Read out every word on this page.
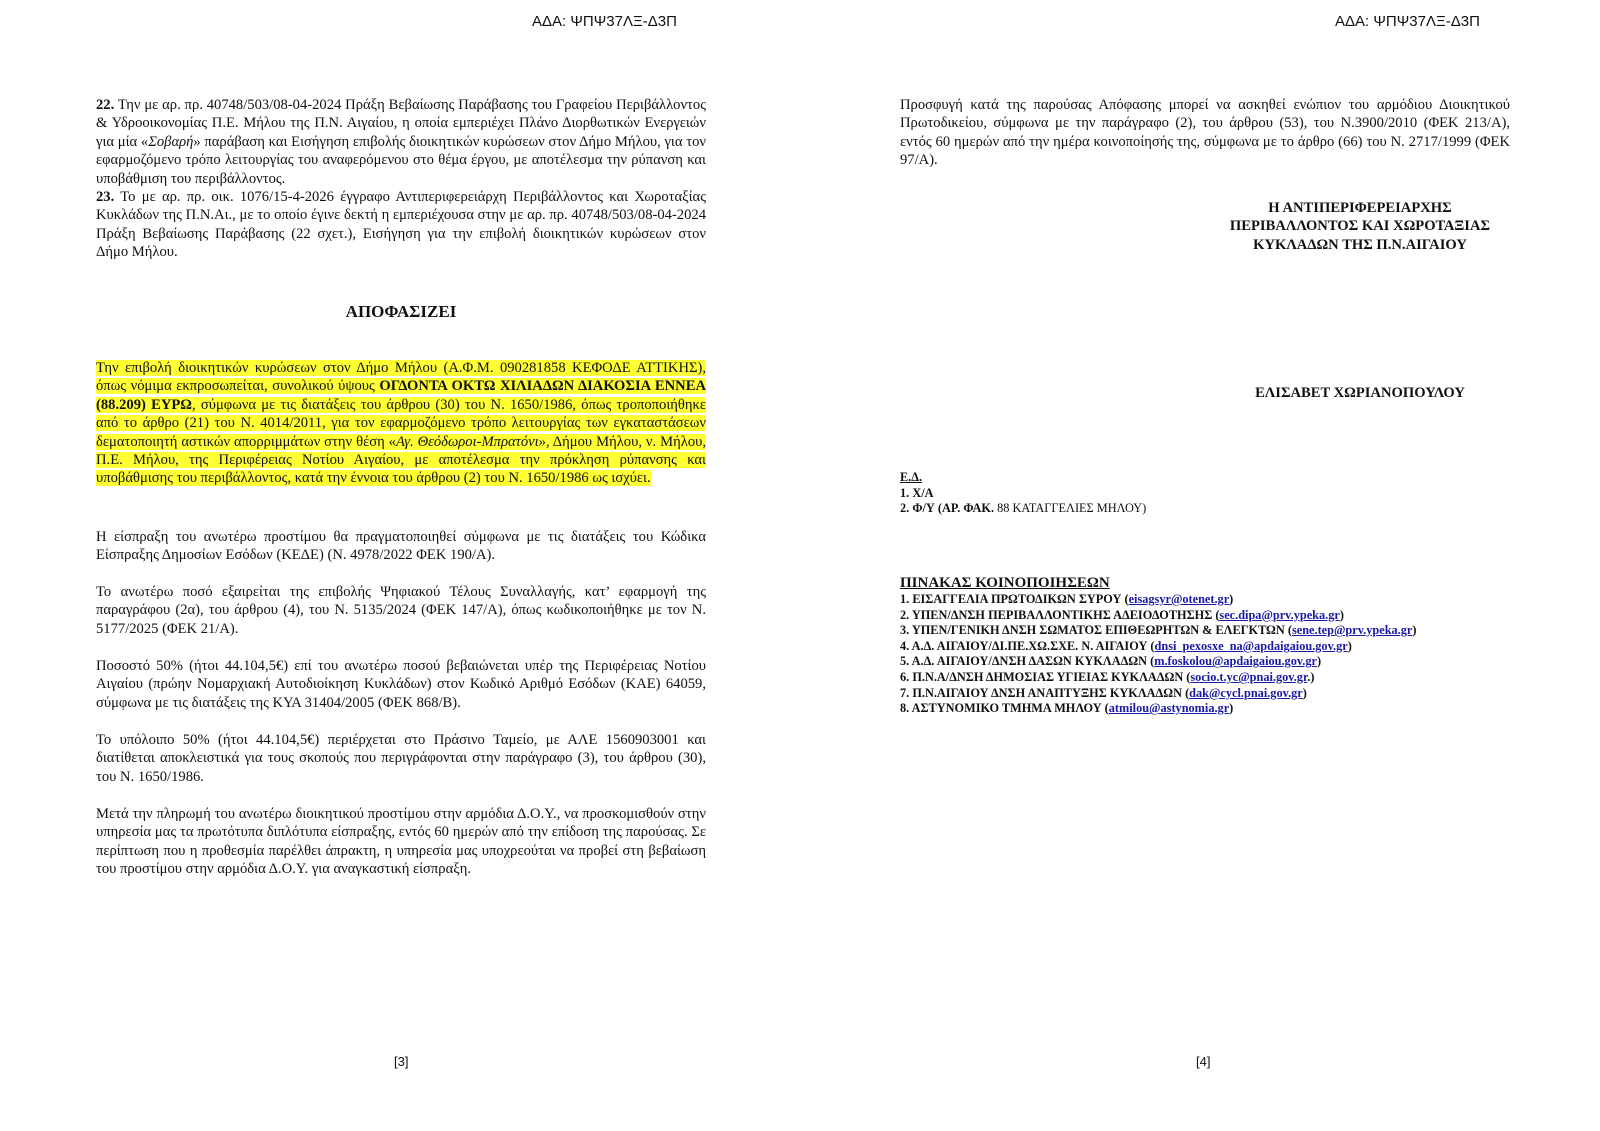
ΑΔΑ: ΨΠΨ37ΛΞ-Δ3Π

22. Την με αρ. πρ. 40748/503/08-04-2024 Πράξη Βεβαίωσης Παράβασης του Γραφείου Περιβάλλοντος & Υδροοικονομίας Π.Ε. Μήλου της Π.Ν. Αιγαίου, η οποία εμπεριέχει Πλάνο Διορθωτικών Ενεργειών για μία «Σοβαρή» παράβαση και Εισήγηση επιβολής διοικητικών κυρώσεων στον Δήμο Μήλου, για τον εφαρμοζόμενο τρόπο λειτουργίας του αναφερόμενου στο θέμα έργου, με αποτέλεσμα την ρύπανση και υποβάθμιση του περιβάλλοντος.

23. Το με αρ. πρ. οικ. 1076/15-4-2026 έγγραφο Αντιπεριφερειάρχη Περιβάλλοντος και Χωροταξίας Κυκλάδων της Π.Ν.Αι., με το οποίο έγινε δεκτή η εμπεριέχουσα στην με αρ. πρ. 40748/503/08-04-2024 Πράξη Βεβαίωσης Παράβασης (22 σχετ.), Εισήγηση για την επιβολή διοικητικών κυρώσεων στον Δήμο Μήλου.

ΑΠΟΦΑΣΙΖΕΙ

Την επιβολή διοικητικών κυρώσεων στον Δήμο Μήλου (Α.Φ.Μ. 090281858 ΚΕΦΟΔΕ ΑΤΤΙΚΗΣ), όπως νόμιμα εκπροσωπείται, συνολικού ύψους ΟΓΔΟΝΤΑ ΟΚΤΩ ΧΙΛΙΑΔΩΝ ΔΙΑΚΟΣΙΑ ΕΝΝΕΑ (88.209) ΕΥΡΩ, σύμφωνα με τις διατάξεις του άρθρου (30) του Ν. 1650/1986, όπως τροποποιήθηκε από το άρθρο (21) του Ν. 4014/2011, για τον εφαρμοζόμενο τρόπο λειτουργίας των εγκαταστάσεων δεματοποιητή αστικών απορριμμάτων στην θέση «Αγ. Θεόδωροι-Μπρατόνι», Δήμου Μήλου, ν. Μήλου, Π.Ε. Μήλου, της Περιφέρειας Νοτίου Αιγαίου, με αποτέλεσμα την πρόκληση ρύπανσης και υποβάθμισης του περιβάλλοντος, κατά την έννοια του άρθρου (2) του Ν. 1650/1986 ως ισχύει.

Η είσπραξη του ανωτέρω προστίμου θα πραγματοποιηθεί σύμφωνα με τις διατάξεις του Κώδικα Είσπραξης Δημοσίων Εσόδων (ΚΕΔΕ) (Ν. 4978/2022 ΦΕΚ 190/Α).

Το ανωτέρω ποσό εξαιρείται της επιβολής Ψηφιακού Τέλους Συναλλαγής, κατ’ εφαρμογή της παραγράφου (2α), του άρθρου (4), του Ν. 5135/2024 (ΦΕΚ 147/Α), όπως κωδικοποιήθηκε με τον Ν. 5177/2025 (ΦΕΚ 21/Α).

Ποσοστό 50% (ήτοι 44.104,5€) επί του ανωτέρω ποσού βεβαιώνεται υπέρ της Περιφέρειας Νοτίου Αιγαίου (πρώην Νομαρχιακή Αυτοδιοίκηση Κυκλάδων) στον Κωδικό Αριθμό Εσόδων (ΚΑΕ) 64059, σύμφωνα με τις διατάξεις της ΚΥΑ 31404/2005 (ΦΕΚ 868/Β).

Το υπόλοιπο 50% (ήτοι 44.104,5€) περιέρχεται στο Πράσινο Ταμείο, με ΑΛΕ 1560903001 και διατίθεται αποκλειστικά για τους σκοπούς που περιγράφονται στην παράγραφο (3), του άρθρου (30), του Ν. 1650/1986.

Μετά την πληρωμή του ανωτέρω διοικητικού προστίμου στην αρμόδια Δ.Ο.Υ., να προσκομισθούν στην υπηρεσία μας τα πρωτότυπα διπλότυπα είσπραξης, εντός 60 ημερών από την επίδοση της παρούσας. Σε περίπτωση που η προθεσμία παρέλθει άπρακτη, η υπηρεσία μας υποχρεούται να προβεί στη βεβαίωση του προστίμου στην αρμόδια Δ.Ο.Υ. για αναγκαστική είσπραξη.

[3]
ΑΔΑ: ΨΠΨ37ΛΞ-Δ3Π

Προσφυγή κατά της παρούσας Απόφασης μπορεί να ασκηθεί ενώπιον του αρμόδιου Διοικητικού Πρωτοδικείου, σύμφωνα με την παράγραφο (2), του άρθρου (53), του Ν.3900/2010 (ΦΕΚ 213/Α), εντός 60 ημερών από την ημέρα κοινοποίησής της, σύμφωνα με το άρθρο (66) του Ν. 2717/1999 (ΦΕΚ 97/Α).

Η ΑΝΤΙΠΕΡΙΦΕΡΕΙΑΡΧΗΣ
ΠΕΡΙΒΑΛΛΟΝΤΟΣ ΚΑΙ ΧΩΡΟΤΑΞΙΑΣ
ΚΥΚΛΑΔΩΝ ΤΗΣ Π.Ν.ΑΙΓΑΙΟΥ
ΕΛΙΣΑΒΕΤ ΧΩΡΙΑΝΟΠΟΥΛΟΥ
Ε.Δ.
1. Χ/Α
2. Φ/Υ (ΑΡ. ΦΑΚ. 88 ΚΑΤΑΓΓΕΛΙΕΣ ΜΗΛΟΥ)
ΠΙΝΑΚΑΣ ΚΟΙΝΟΠΟΙΗΣΕΩΝ
1. ΕΙΣΑΓΓΕΛΙΑ ΠΡΩΤΟΔΙΚΩΝ ΣΥΡΟΥ (eisagsyr@otenet.gr)
2. ΥΠΕΝ/ΔΝΣΗ ΠΕΡΙΒΑΛΛΟΝΤΙΚΗΣ ΑΔΕΙΟΔΟΤΗΣΗΣ (sec.dipa@prv.ypeka.gr)
3. ΥΠΕΝ/ΓΕΝΙΚΗ ΔΝΣΗ ΣΩΜΑΤΟΣ ΕΠΙΘΕΩΡΗΤΩΝ & ΕΛΕΓΚΤΩΝ (sene.tep@prv.ypeka.gr)
4. Α.Δ. ΑΙΓΑΙΟΥ/ΔΙ.ΠΕ.ΧΩ.ΣΧΕ. Ν. ΑΙΓΑΙΟΥ (dnsi_pexosxe_na@apdaigaiou.gov.gr)
5. Α.Δ. ΑΙΓΑΙΟΥ/ΔΝΣΗ ΔΑΣΩΝ ΚΥΚΛΑΔΩΝ (m.foskolou@apdaigaiou.gov.gr)
6. Π.Ν.Α/ΔΝΣΗ ΔΗΜΟΣΙΑΣ ΥΓΙΕΙΑΣ ΚΥΚΛΑΔΩΝ (socio.t.yc@pnai.gov.gr.)
7. Π.Ν.ΑΙΓΑΙΟΥ ΔΝΣΗ ΑΝΑΠΤΥΞΗΣ ΚΥΚΛΑΔΩΝ (dak@cycl.pnai.gov.gr)
8. ΑΣΤΥΝΟΜΙΚΟ ΤΜΗΜΑ ΜΗΛΟΥ (atmilou@astynomia.gr)
[4]
